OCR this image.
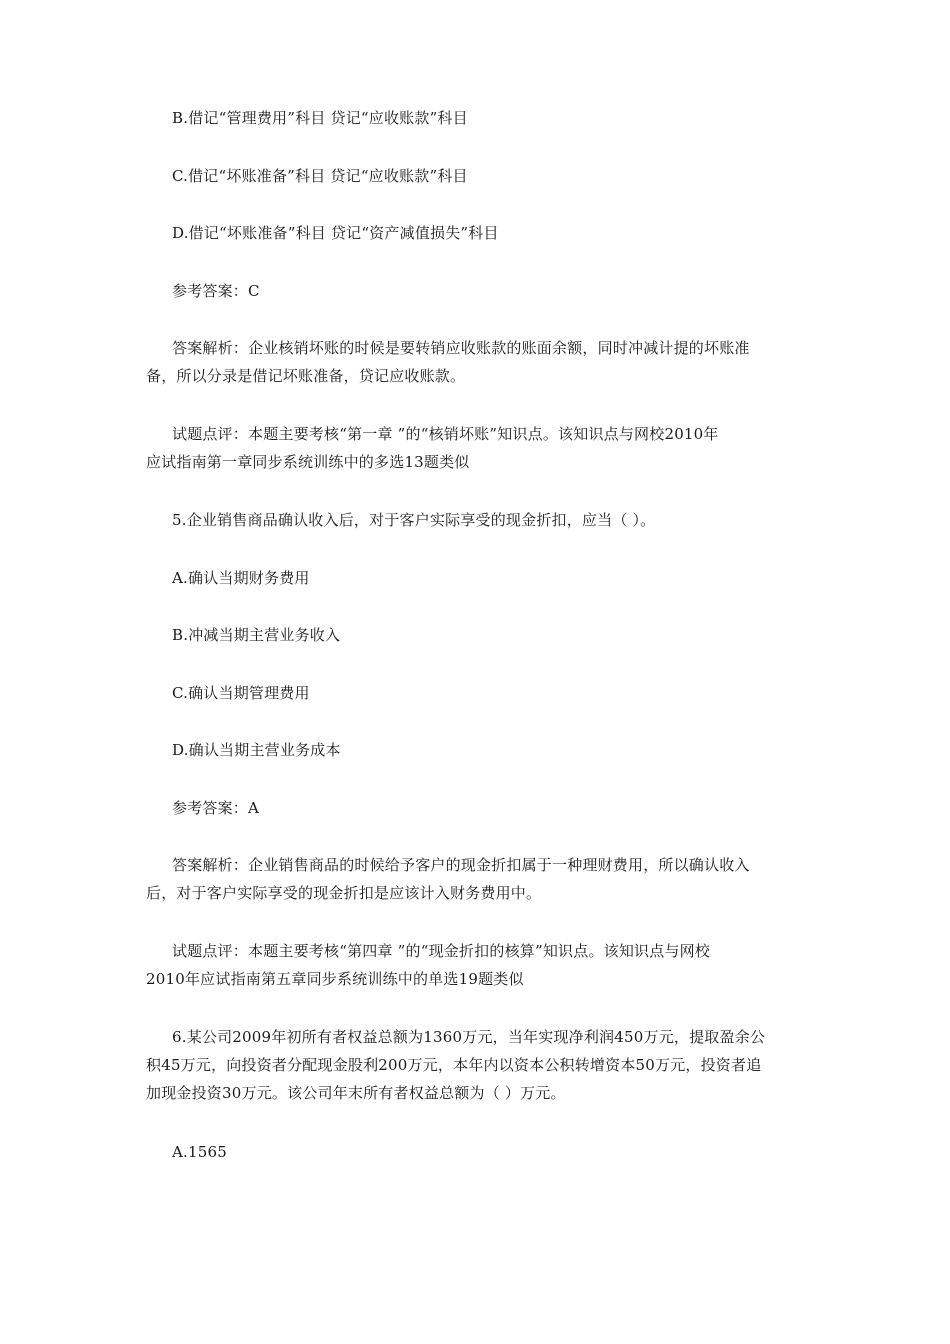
B.借记“管理费用”科目 贷记“应收账款”科目
C.借记“坏账准备”科目 贷记“应收账款”科目
D.借记“坏账准备”科目 贷记“资产减值损失”科目
参考答案：C
答案解析：企业核销坏账的时候是要转销应收账款的账面余额，同时冲减计提的坏账准
备，所以分录是借记坏账准备，贷记应收账款。
试题点评：本题主要考核“第一章 ”的“核销坏账”知识点。该知识点与网校2010年
应试指南第一章同步系统训练中的多选13题类似
5.企业销售商品确认收入后，对于客户实际享受的现金折扣，应当（ ）。
A.确认当期财务费用
B.冲减当期主营业务收入
C.确认当期管理费用
D.确认当期主营业务成本
参考答案：A
答案解析：企业销售商品的时候给予客户的现金折扣属于一种理财费用，所以确认收入
后，对于客户实际享受的现金折扣是应该计入财务费用中。
试题点评：本题主要考核“第四章 ”的“现金折扣的核算”知识点。该知识点与网校
2010年应试指南第五章同步系统训练中的单选19题类似
6.某公司2009年初所有者权益总额为1360万元，当年实现净利润450万元，提取盈余公
积45万元，向投资者分配现金股利200万元，本年内以资本公积转增资本50万元，投资者追
加现金投资30万元。该公司年末所有者权益总额为（ ）万元。
A.1565
